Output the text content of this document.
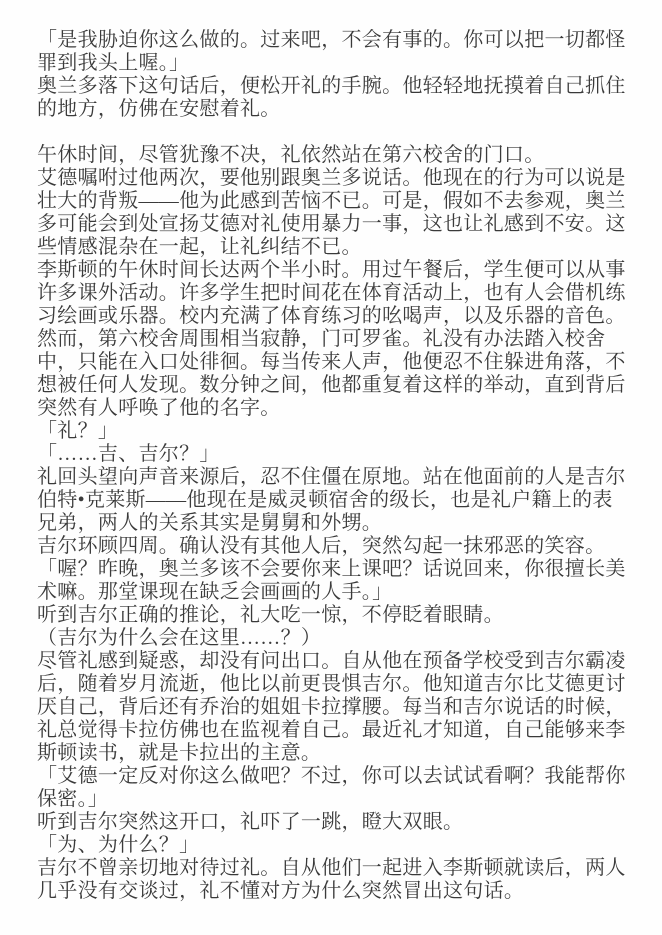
「是我胁迫你这么做的。过来吧，不会有事的。你可以把一切都怪
罪到我头上喔。」
奥兰多落下这句话后，便松开礼的手腕。他轻轻地抚摸着自己抓住
的地方，仿佛在安慰着礼。
午休时间，尽管犹豫不决，礼依然站在第六校舍的门口。
艾德嘱咐过他两次，要他别跟奥兰多说话。他现在的行为可以说是
壮大的背叛——他为此感到苦恼不已。可是，假如不去参观，奥兰
多可能会到处宣扬艾德对礼使用暴力一事，这也让礼感到不安。这
些情感混杂在一起，让礼纠结不已。
李斯顿的午休时间长达两个半小时。用过午餐后，学生便可以从事
许多课外活动。许多学生把时间花在体育活动上，也有人会借机练
习绘画或乐器。校内充满了体育练习的吆喝声，以及乐器的音色。
然而，第六校舍周围相当寂静，门可罗雀。礼没有办法踏入校舍
中，只能在入口处徘徊。每当传来人声，他便忍不住躲进角落，不
想被任何人发现。数分钟之间，他都重复着这样的举动，直到背后
突然有人呼唤了他的名字。
「礼？」
「……吉、吉尔？」
礼回头望向声音来源后，忍不住僵在原地。站在他面前的人是吉尔
伯特•克莱斯——他现在是威灵顿宿舍的级长，也是礼户籍上的表
兄弟，两人的关系其实是舅舅和外甥。
吉尔环顾四周。确认没有其他人后，突然勾起一抹邪恶的笑容。
「喔？昨晚，奥兰多该不会要你来上课吧？话说回来，你很擅长美
术嘛。那堂课现在缺乏会画画的人手。」
听到吉尔正确的推论，礼大吃一惊，不停眨着眼睛。
（吉尔为什么会在这里……？）
尽管礼感到疑惑，却没有问出口。自从他在预备学校受到吉尔霸凌
后，随着岁月流逝，他比以前更畏惧吉尔。他知道吉尔比艾德更讨
厌自己，背后还有乔治的姐姐卡拉撑腰。每当和吉尔说话的时候，
礼总觉得卡拉仿佛也在监视着自己。最近礼才知道，自己能够来李
斯顿读书，就是卡拉出的主意。
「艾德一定反对你这么做吧？不过，你可以去试试看啊？我能帮你
保密。」
听到吉尔突然这开口，礼吓了一跳，瞪大双眼。
「为、为什么？」
吉尔不曾亲切地对待过礼。自从他们一起进入李斯顿就读后，两人
几乎没有交谈过，礼不懂对方为什么突然冒出这句话。
